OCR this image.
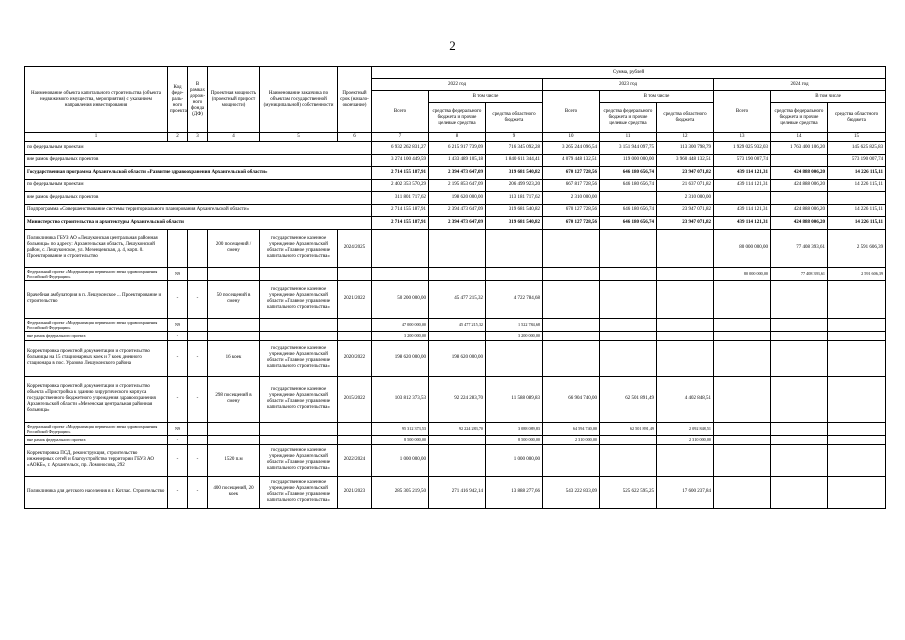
2
Наименование объекта капитального строительства (объекта недвижимого имущества, мероприятия) с указанием направления инвестирования	Код феде-раль-ного проекта	В рамках дорож-ного фонда (ДФ)	Проектная мощность (проектный прирост мощности)	Наименование заказчика по объектам государственной (муниципальной) собственности	Проектный срок (начало-окончание)	Сумма, рублей								
						2022 год			2023 год			2024 год		
						Всего	В том числе		Всего	В том числе		Всего	В том числе	
							средства федерального бюджета и прочие целевые средства	средства областного бюджета		средства федерального бюджета и прочие целевые средства	средства областного бюджета		средства федерального бюджета и прочие целевые средства	средства областного бюджета
1	2	3	4	5	6	7	8	9	10	11	12	13	14	15
по федеральным проектам						6 932 262 831,27	6 215 917 739,09	716 345 092,28	3 265 244 096,54	3 151 944 097,75	113 300 798,79	1 929 025 932,03	1 763 400 106,20	145 625 825,83
вне рамок федеральных проектов						3 274 100 449,59	1 433 489 105,18	1 840 611 344,41	4 079 448 132,51	119 000 000,00	3 960 448 132,51	573 190 007,74		573 190 007,74
Государственная программа Архангельской области «Развитие здравоохранения Архангельской области»						2 714 155 187,91	2 394 473 647,09	319 681 540,82	670 127 728,56	646 180 656,74	23 947 071,82	439 114 121,31	424 888 006,20	14 226 115,11
по федеральным проектам						2 402 353 570,29	2 195 853 647,09	206 499 923,20	667 817 728,56	646 180 656,74	21 637 071,82	439 114 121,31	424 888 006,20	14 226 115,11
вне рамок федеральных проектов						311 801 717,62	198 620 000,00	113 181 717,62	2 310 000,00		2 310 000,00			
Подпрограмма «Совершенствование системы территориального планирования Архангельской области»						2 714 155 187,91	2 394 473 647,09	319 681 540,82	670 127 728,56	646 180 656,74	23 947 071,82	439 114 121,31	424 888 006,20	14 226 115,11
Министерство строительства и архитектуры Архангельской области						2 714 155 187,91	2 394 473 647,09	319 681 540,82	670 127 728,56	646 180 656,74	23 947 071,82	439 114 121,31	424 888 006,20	14 226 115,11
Поликлиника ГБУЗ АО «Лешуконская центральная районная больница» по адресу: Архангельская область, Лешуконский район, с. Лешуконское, ул. Мезенцевская, д. 4, корп. 0. Проектирование и строительство			200 посещений / смену	государственное казенное учреждение Архангельской области «Главное управление капитального строительства»	2024/2025							80 000 000,00	77 408 393,61	2 591 606,39
Федеральный проект «Модернизация первичного звена здравоохранения Российской Федерации»	N9											80 000 000,00	77 408 393,61	2 591 606,39
Врачебная амбулатория в п. Лешуконское ... Проектирование и строительство	-	-	50 посещений в смену	государственное казенное учреждение Архангельской области «Главное управление капитального строительства»	2021/2022	50 200 000,00	45 477 215,32	4 722 784,68						
Федеральный проект «Модернизация первичного звена здравоохранения Российской Федерации»	N9					47 000 000,00	45 477 215,32	1 522 784,68						
вне рамок федерального проекта	-					3 200 000,00		3 200 000,00						
Корректировка проектной документации и строительство больницы на 15 стационарных коек и 7 коек дневного стационара в пос. Уразово Лешуконского района	-	-	16 коек	государственное казенное учреждение Архангельской области «Главное управление капитального строительства»	2020/2022	198 620 000,00	198 620 000,00							
Корректировка проектной документации и строительство объекта «Пристройка к зданию хирургического корпуса государственного бюджетного учреждения здравоохранения Архангельской области «Мезенская центральная районная больница»	-	-	298 посещений в смену	государственное казенное учреждение Архангельской области «Главное управление капитального строительства»	2015/2022	103 812 373,53	92 224 283,70	11 588 089,83	66 904 740,00	62 501 891,49	4 402 848,51			
Федеральный проект «Модернизация первичного звена здравоохранения Российской Федерации»	N9					95 312 373,53	92 224 283,70	3 088 089,83	64 594 740,00	62 501 891,49	2 092 848,51			
вне рамок федерального проекта	-					8 500 000,00		8 500 000,00	2 310 000,00		2 310 000,00			
Корректировка ПСД, реконструкция, строительство инженерных сетей и благоустройство территории ГБУЗ АО «АОКБ», г. Архангельск, пр. Ломоносова, 292	-	-	1520 п.м	государственное казенное учреждение Архангельской области «Главное управление капитального строительства»	2022/2024	1 000 000,00		1 000 000,00						
Поликлиника для детского населения в г. Котлас. Строительство	-	-	400 посещений, 20 коек	государственное казенное учреждение Архангельской области «Главное управление капитального строительства»	2021/2023	285 305 219,50	271 416 942,14	13 888 277,66	543 222 833,09	525 622 595,25	17 600 237,84			
